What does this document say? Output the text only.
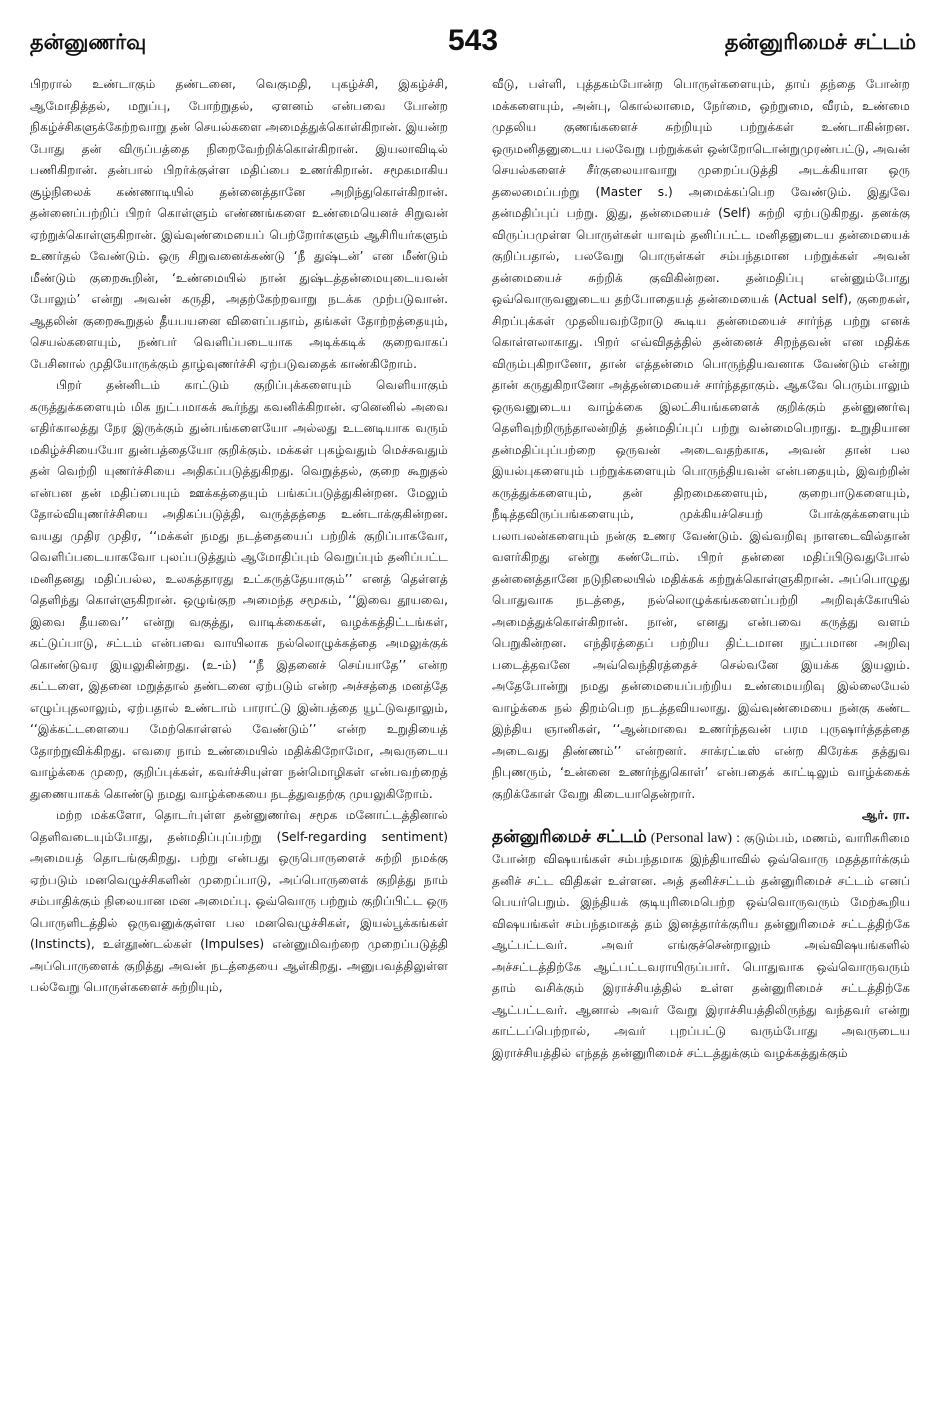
தன்னுணர்வு	543	தன்னுரிமைச் சட்டம்

பிறரால் உண்டாகும் தண்டனை, வெகுமதி, புகழ்ச்சி, இகழ்ச்சி, ஆமோதித்தல், மறுப்பு, போற்றுதல், ஏளனம் என்பவை போன்ற நிகழ்ச்சிகளுக்கேற்றவாறு தன் செயல்களை அமைத்துக்கொள்கிறான். இயன்ற போது தன் விருப்பத்தை நிறைவேற்றிக்கொள்கிறான். இயலாவிடில் பணிகிறான். தன்பால் பிறர்க்குள்ள மதிப்பை உணர்கிறான். சமூகமாகிய சூழ்நிலைக் கண்ணாடியில் தன்னைத்தானே அறிந்துகொள்கிறான். தன்னைப்பற்றிப் பிறர் கொள்ளும் எண்ணங்களை உண்மையெனச் சிறுவன் ஏற்றுக்கொள்ளுகிறான். இவ்வுண்மையைப் பெற்றோர்களும் ஆசிரியர்களும் உணர்தல் வேண்டும். ஒரு சிறுவனைக்கண்டு ‘நீ துஷ்டன்’ என மீண்டும் மீண்டும் குறைகூறின், ‘உண்மையில் நான் துஷ்டத்தன்மையுடையவன் போலும்’ என்று அவன் கருதி, அதற்கேற்றவாறு நடக்க முற்படுவான். ஆதலின் குறைகூறுதல் தீயபயனை விளைப்பதாம், தங்கள் தோற்றத்தையும், செயல்களையும், நண்பர் வெளிப்படையாக அடிக்கடிக் குறைவாகப் பேசினால் முதியோருக்கும் தாழ்வுணர்ச்சி ஏற்படுவதைக் காண்கிறோம்.

பிறர் தன்னிடம் காட்டும் குறிப்புக்களையும் வெளியாகும் கருத்துக்களையும் மிக நுட்பமாகக் கூர்ந்து கவனிக்கிறான். ஏனெனில் அவை எதிர்காலத்து நேர இருக்கும் துன்பங்களையோ அல்லது உடனடியாக வரும் மகிழ்ச்சியையோ துன்பத்தையோ குறிக்கும். மக்கள் புகழ்வதும் மெச்சுவதும் தன் வெற்றி யுணர்ச்சியை அதிகப்படுத்துகிறது. வெறுத்தல், குறை கூறுதல் என்பன தன் மதிப்பையும் ஊக்கத்தையும் பங்கப்படுத்துகின்றன. மேலும் தோல்வியுணர்ச்சியை அதிகப்படுத்தி, வருத்தத்தை உண்டாக்குகின்றன. வயது முதிர முதிர, ‘‘மக்கள் நமது நடத்தையைப் பற்றிக் குறிப்பாகவோ, வெளிப்படையாகவோ புலப்படுத்தும் ஆமோதிப்பும் வெறுப்பும் தனிப்பட்ட மனிதனது மதிப்பல்ல, உலகத்தாரது உட்கருத்தேயாகும்’’ எனத் தெள்ளத் தெளிந்து கொள்ளுகிறான். ஒழுங்குற அமைந்த சமூகம், ‘‘இவை தூயவை, இவை தீயவை’’ என்று வகுத்து, வாடிக்கைகள், வழக்கத்திட்டங்கள், கட்டுப்பாடு, சட்டம் என்பவை வாயிலாக நல்லொழுக்கத்தை அமலுக்குக் கொண்டுவர இயலுகின்றது. (உ-ம்) ‘‘நீ இதனைச் செய்யாதே’’ என்ற கட்டளை, இதனை மறுத்தால் தண்டனை ஏற்படும் என்ற அச்சத்தை மனத்தே எழுப்புதலாலும், ஏற்பதால் உண்டாம் பாராட்டு இன்பத்தை யூட்டுவதாலும், ‘‘இக்கட்டளையை மேற்கொள்ளல் வேண்டும்’’ என்ற உறுதியைத் தோற்றுவிக்கிறது. எவரை நாம் உண்மையில் மதிக்கிறோமோ, அவருடைய வாழ்க்கை முறை, குறிப்புக்கள், கவர்ச்சியுள்ள நன்மொழிகள் என்பவற்றைத் துணையாகக் கொண்டு நமது வாழ்க்கையை நடத்துவதற்கு முயலுகிறோம்.

மற்ற மக்களோ, தொடர்புள்ள தன்னுணர்வு சமூக மனோட்டத்தினால் தெளிவடையும்போது, தன்மதிப்புப்பற்று (Self-regarding sentiment) அமையத் தொடங்குகிறது. பற்று என்பது ஒருபொருளைச் சுற்றி நமக்கு ஏற்படும் மனவெழுச்சிகளின் முறைப்பாடு, அப்பொருளைக் குறித்து நாம் சம்பாதிக்கும் நிலையான மன அமைப்பு. ஒவ்வொரு பற்றும் குறிப்பிட்ட ஒரு பொருளிடத்தில் ஒருவனுக்குள்ள பல மனவெழுச்சிகள், இயல்பூக்கங்கள் (Instincts), உள்தூண்டல்கள் (Impulses) என்னுமிவற்றை முறைப்படுத்தி அப்பொருளைக் குறித்து அவன் நடத்தையை ஆள்கிறது. அனுபவத்திலுள்ள பல்வேறு பொருள்களைச் சுற்றியும்,

வீடு, பள்ளி, புத்தகம்போன்ற பொருள்களையும், தாய் தந்தை போன்ற மக்களையும், அன்பு, கொல்லாமை, நேர்மை, ஒற்றுமை, வீரம், உண்மை முதலிய குணங்களைச் சுற்றியும் பற்றுக்கள் உண்டாகின்றன. ஒருமனிதனுடைய பலவேறு பற்றுக்கள் ஒன்றோடொன்றுமுரண்பட்டு, அவன் செயல்களைச் சீர்குலையாவாறு முறைப்படுத்தி அடக்கியாள ஒரு தலைமைப்பற்று (Master s.) அமைக்கப்பெற வேண்டும். இதுவே தன்மதிப்புப் பற்று. இது, தன்மையைச் (Self) சுற்றி ஏற்படுகிறது. தனக்கு விருப்பமுள்ள பொருள்கள் யாவும் தனிப்பட்ட மனிதனுடைய தன்மையைக் குறிப்பதால், பலவேறு பொருள்கள் சம்பந்தமான பற்றுக்கள் அவன் தன்மையைச் சுற்றிக் குவிகின்றன. தன்மதிப்பு என்னும்போது ஒவ்வொருவனுடைய தற்போதையத் தன்மையைக் (Actual self), குறைகள், சிறப்புக்கள் முதலியவற்றோடு கூடிய தன்மையைச் சார்ந்த பற்று எனக் கொள்ளலாகாது. பிறர் எவ்விதத்தில் தன்னைச் சிறந்தவன் என மதிக்க விரும்புகிறானோ, தான் எத்தன்மை பொருந்தியவனாக வேண்டும் என்று தான் கருதுகிறானோ அத்தன்மையைச் சார்ந்ததாகும். ஆகவே பெரும்பாலும் ஒருவனுடைய வாழ்க்கை இலட்சியங்களைக் குறிக்கும் தன்னுணர்வு தெளிவுற்றிருந்தாலன்றித் தன்மதிப்புப் பற்று வன்மைபெறாது. உறுதியான தன்மதிப்புப்பற்றை ஒருவன் அடைவதற்காக, அவன் தான் பல இயல்புகளையும் பற்றுக்களையும் பொருந்தியவன் என்பதையும், இவற்றின் கருத்துக்களையும், தன் திறமைகளையும், குறைபாடுகளையும், நீடித்தவிருப்பங்களையும், முக்கியச்செயற் போக்குக்களையும் பலாபலன்களையும் நன்கு உணர வேண்டும். இவ்வறிவு நாளடைவில்தான் வளர்கிறது என்று கண்டோம். பிறர் தன்னை மதிப்பிடுவதுபோல் தன்னைத்தானே நடுநிலையில் மதிக்கக் கற்றுக்கொள்ளுகிறான். அப்பொழுது பொதுவாக நடத்தை, நல்லொழுக்கங்களைப்பற்றி அறிவுக்கோயில் அமைத்துக்கொள்கிறான். நான், எனது என்பவை கருத்து வளம் பெறுகின்றன. எந்திரத்தைப் பற்றிய திட்டமான நுட்பமான அறிவு படைத்தவனே அவ்வெந்திரத்தைச் செல்வனே இயக்க இயலும். அதேபோன்று நமது தன்மையைப்பற்றிய உண்மையறிவு இல்லையேல் வாழ்க்கை நல் திறம்பெற நடத்தவியலாது. இவ்வுண்மையை நன்கு கண்ட இந்திய ஞானிகள், ‘‘ஆன்மாவை உணர்ந்தவன் பரம புருஷார்த்தத்தை அடைவது திண்ணம்’’ என்றனர். சாக்ரட்டீஸ் என்ற கிரேக்க தத்துவ நிபுணரும், ‘உன்னை உணர்ந்துகொள்’ என்பதைக் காட்டிலும் வாழ்க்கைக் குறிக்கோள் வேறு கிடையாதென்றார்.

ஆர். ரா.

தன்னுரிமைச் சட்டம் (Personal law) : குடும்பம், மணம், வாரிசுரிமை போன்ற விஷயங்கள் சம்பந்தமாக இந்தியாவில் ஒவ்வொரு மதத்தார்க்கும் தனிச் சட்ட விதிகள் உள்ளன. அத் தனிச்சட்டம் தன்னுரிமைச் சட்டம் எனப் பெயர்பெறும். இந்தியக் குடியுரிமைபெற்ற ஒவ்வொருவரும் மேற்கூறிய விஷயங்கள் சம்பந்தமாகத் தம் இனத்தார்க்குரிய தன்னுரிமைச் சட்டத்திற்கே ஆட்பட்டவர். அவர் எங்குச்சென்றாலும் அவ்விஷயங்களில் அச்சட்டத்திற்கே ஆட்பட்டவராயிருப்பார். பொதுவாக ஒவ்வொருவரும் தாம் வசிக்கும் இராச்சியத்தில் உள்ள தன்னுரிமைச் சட்டத்திற்கே ஆட்பட்டவர். ஆனால் அவர் வேறு இராச்சியத்திலிருந்து வந்தவர் என்று காட்டப்பெற்றால், அவர் புறப்பட்டு வரும்போது அவருடைய இராச்சியத்தில் எந்தத் தன்னுரிமைச் சட்டத்துக்கும் வழக்கத்துக்கும்
